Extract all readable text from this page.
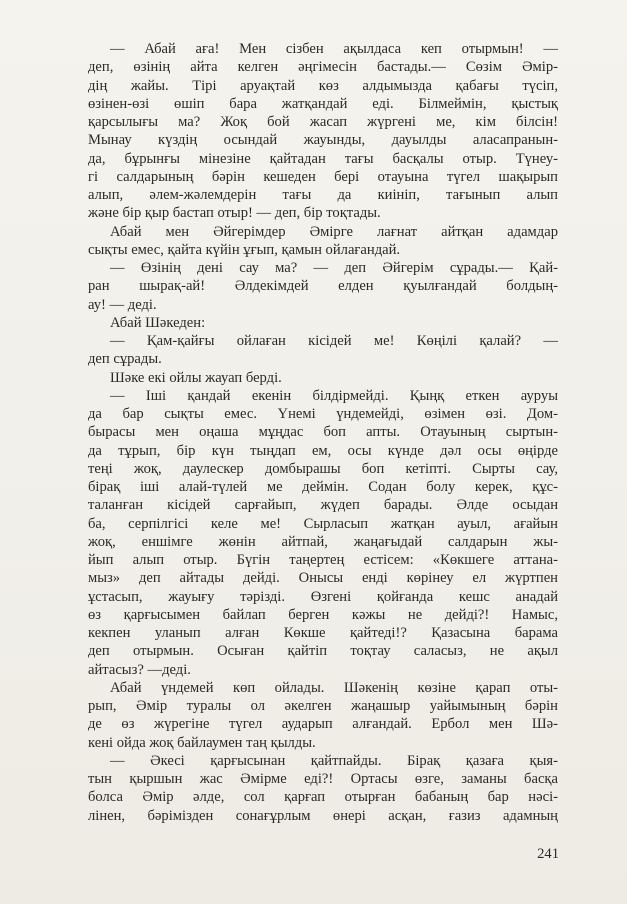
— Абай аға! Мен сізбен ақылдаса кеп отырмын! —
деп, өзінің айта келген әңгімесін бастады.— Сөзім Әмір-
дің жайы. Тірі аруақтай көз алдымызда қабағы түсіп,
өзінен-өзі өшіп бара жатқандай еді. Білмеймін, қыстық
қарсылығы ма? Жоқ бой жасап жүргені ме, кім білсін!
Мынау күздің осындай жауынды, дауылды аласапранын-
да, бұрынғы мінезіне қайтадан тағы басқалы отыр. Түнеу-
гі салдарының бәрін кешеден бері отауына түгел шақырып
алып, әлем-жәлемдерін тағы да киініп, тағынып алып
және бір қыр бастап отыр! — деп, бір тоқтады.
Абай мен Әйгерімдер Әмірге лағнат айтқан адамдар
сықты емес, қайта күйін ұғып, қамын ойлағандай.
— Өзінің дені сау ма? — деп Әйгерім сұрады.— Қай-
ран шырақ-ай! Әлдекімдей елден қуылғандай болдың-
ау! — деді.
Абай Шәкеден:
— Қам-қайғы ойлаған кісідей ме! Көңілі қалай? —
деп сұрады.
Шәке екі ойлы жауап берді.
— Іші қандай екенін білдірмейді. Қыңқ еткен ауруы
да бар сықты емес. Үнемі үндемейді, өзімен өзі. Дом-
бырасы мен оңаша мұңдас боп апты. Отауының сыртын-
да тұрып, бір күн тыңдап ем, осы күнде дәл осы өңірде
теңі жоқ, даулескер домбырашы боп кетіпті. Сырты сау,
бірақ іші алай-түлей ме деймін. Содан болу керек, құс-
таланған кісідей сарғайып, жүдеп барады. Әлде осыдан
ба, серпілгісі келе ме! Сырласып жатқан ауыл, ағайын
жоқ, еншімге жөнін айтпай, жаңағыдай салдарын жы-
йып алып отыр. Бүгін таңертең естісем: «Көкшеге аттана-
мыз» деп айтады дейді. Онысы енді көрінеу ел жүртпен
ұстасып, жауығу тәрізді. Өзгені қойғанда кешс анадай
өз қарғысымен байлап берген кәжы не дейді?! Намыс,
кекпен уланып алған Көкше қайтеді!? Қазасына барама
деп отырмын. Осыған қайтіп тоқтау саласыз, не ақыл
айтасыз? —деді.
Абай үндемей көп ойлады. Шәкенің көзіне қарап оты-
рып, Әмір туралы ол әкелген жаңашыр уайымының бәрін
де өз жүрегіне түгел аударып алғандай. Ербол мен Шә-
кені ойда жоқ байлаумен таң қылды.
— Әкесі қарғысынан қайтпайды. Бірақ қазаға қыя-
тын қыршын жас Әмірме еді?! Ортасы өзге, заманы басқа
болса Әмір әлде, сол қарғап отырған бабаның бар нәсі-
лінен, бәрімізден сонағұрлым өнері асқан, ғазиз адамның
241
